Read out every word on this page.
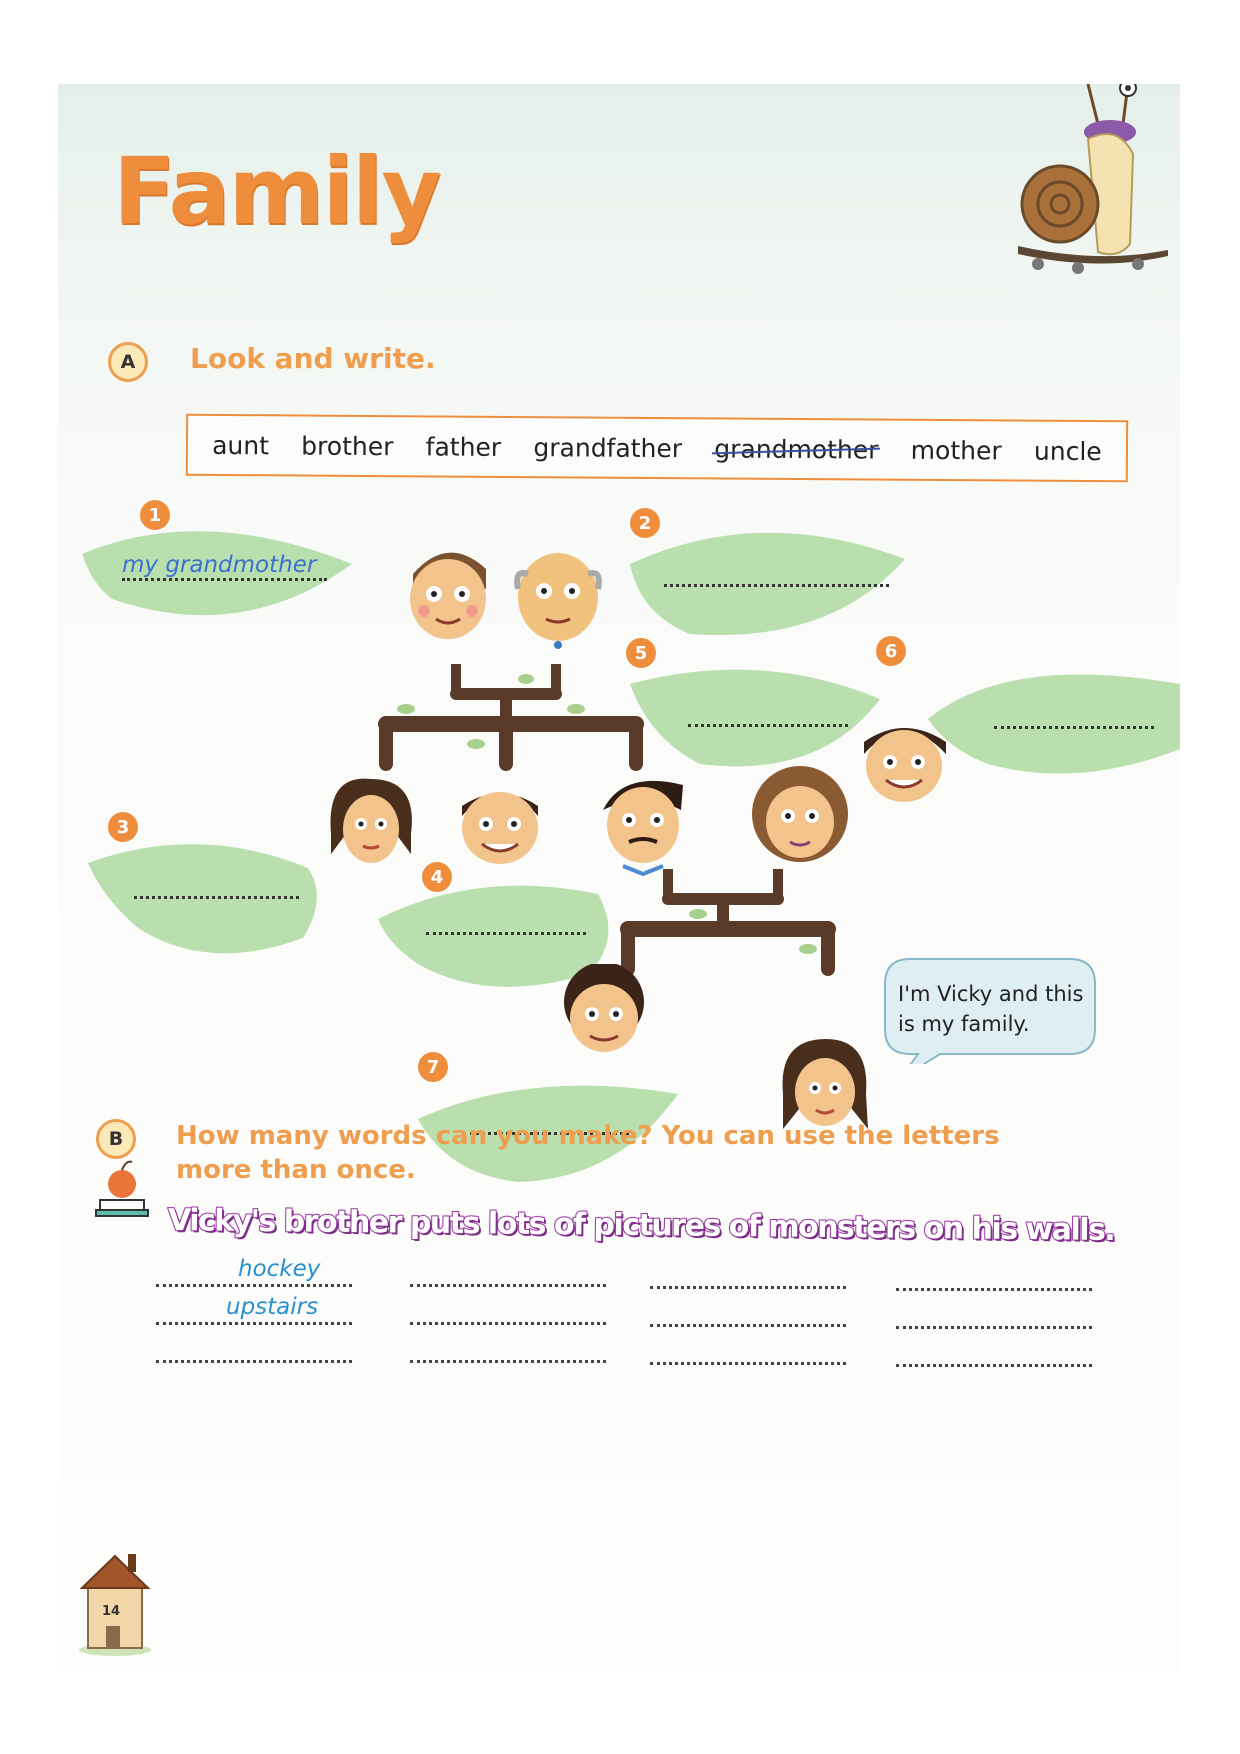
Family
A	Look and write.
aunt brother father grandfather grandmother mother uncle
1
my grandmother
2
5	6
3
4
7
I'm Vicky and this is my family.
B	How many words can you make? You can use the letters more than once.
Vicky's brother puts lots of pictures of monsters on his walls.
hockey
upstairs
14
